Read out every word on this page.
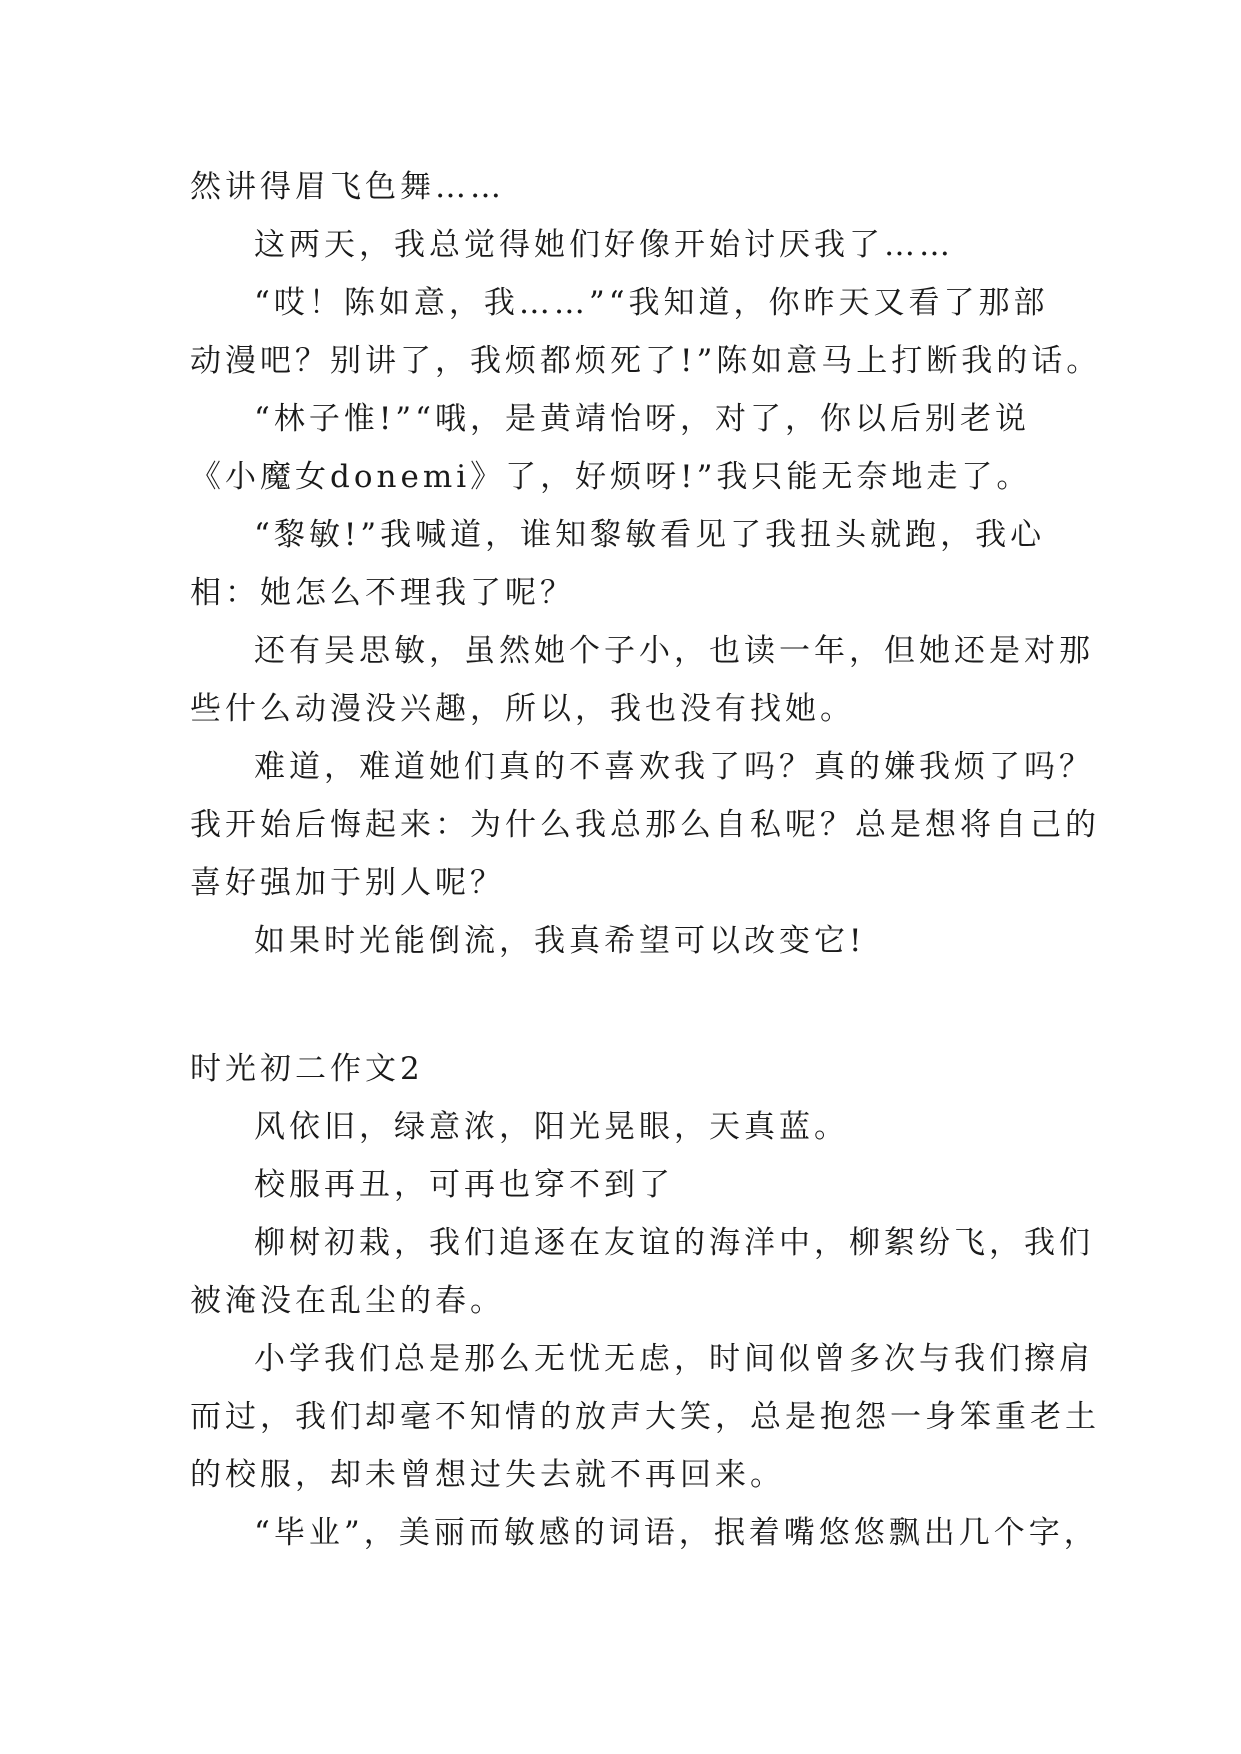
然讲得眉飞色舞……
这两天，我总觉得她们好像开始讨厌我了……
“哎！陈如意，我……”“我知道，你昨天又看了那部
动漫吧？别讲了，我烦都烦死了!”陈如意马上打断我的话。
“林子惟!”“哦，是黄靖怡呀，对了，你以后别老说
《小魔女donemi》了，好烦呀!”我只能无奈地走了。
“黎敏!”我喊道，谁知黎敏看见了我扭头就跑，我心
相：她怎么不理我了呢？
还有吴思敏，虽然她个子小，也读一年，但她还是对那
些什么动漫没兴趣，所以，我也没有找她。
难道，难道她们真的不喜欢我了吗？真的嫌我烦了吗？
我开始后悔起来：为什么我总那么自私呢？总是想将自己的
喜好强加于别人呢？
如果时光能倒流，我真希望可以改变它!
时光初二作文2
风依旧，绿意浓，阳光晃眼，天真蓝。
校服再丑，可再也穿不到了
柳树初栽，我们追逐在友谊的海洋中，柳絮纷飞，我们
被淹没在乱尘的春。
小学我们总是那么无忧无虑，时间似曾多次与我们擦肩
而过，我们却毫不知情的放声大笑，总是抱怨一身笨重老土
的校服，却未曾想过失去就不再回来。
“毕业”，美丽而敏感的词语，抿着嘴悠悠飘出几个字，
